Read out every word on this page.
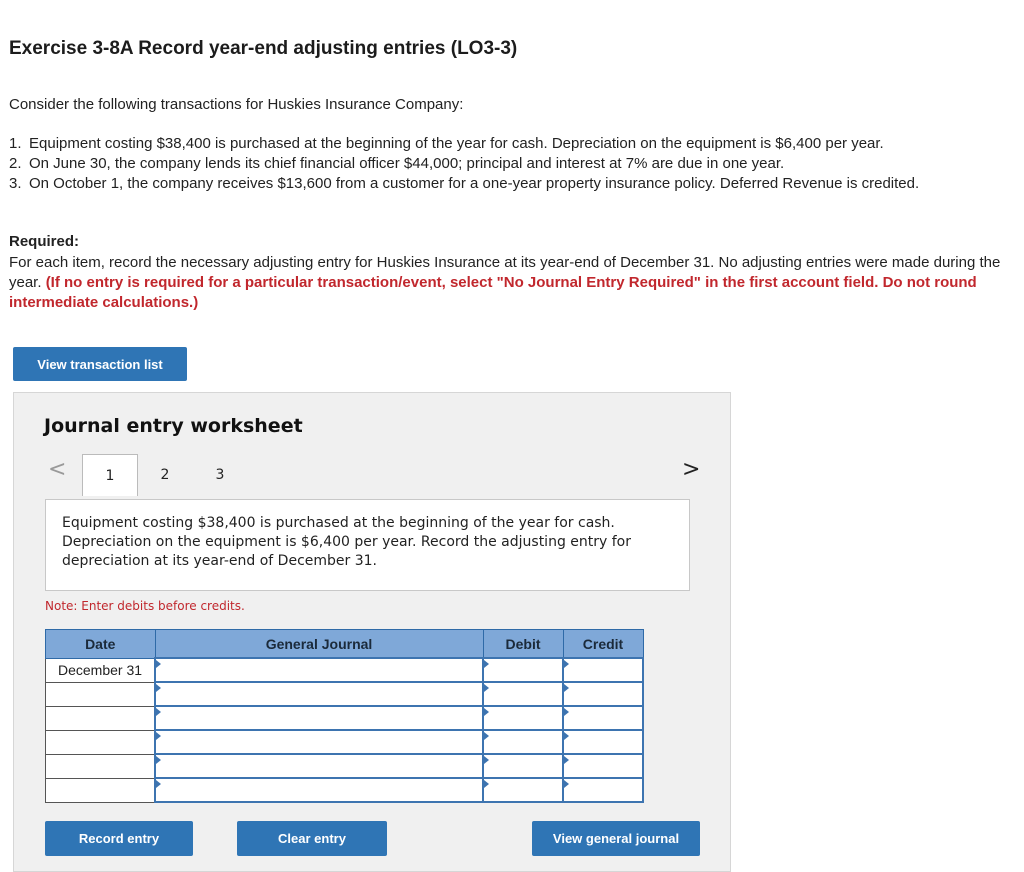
Exercise 3-8A Record year-end adjusting entries (LO3-3)
Consider the following transactions for Huskies Insurance Company:
1. Equipment costing $38,400 is purchased at the beginning of the year for cash. Depreciation on the equipment is $6,400 per year.
2. On June 30, the company lends its chief financial officer $44,000; principal and interest at 7% are due in one year.
3. On October 1, the company receives $13,600 from a customer for a one-year property insurance policy. Deferred Revenue is credited.
Required:
For each item, record the necessary adjusting entry for Huskies Insurance at its year-end of December 31. No adjusting entries were made during the year. (If no entry is required for a particular transaction/event, select "No Journal Entry Required" in the first account field. Do not round intermediate calculations.)
View transaction list
Journal entry worksheet
<	1	2	3	>
Equipment costing $38,400 is purchased at the beginning of the year for cash. Depreciation on the equipment is $6,400 per year. Record the adjusting entry for depreciation at its year-end of December 31.
Note: Enter debits before credits.
Date	General Journal	Debit	Credit
December 31			

Record entry	Clear entry	View general journal
